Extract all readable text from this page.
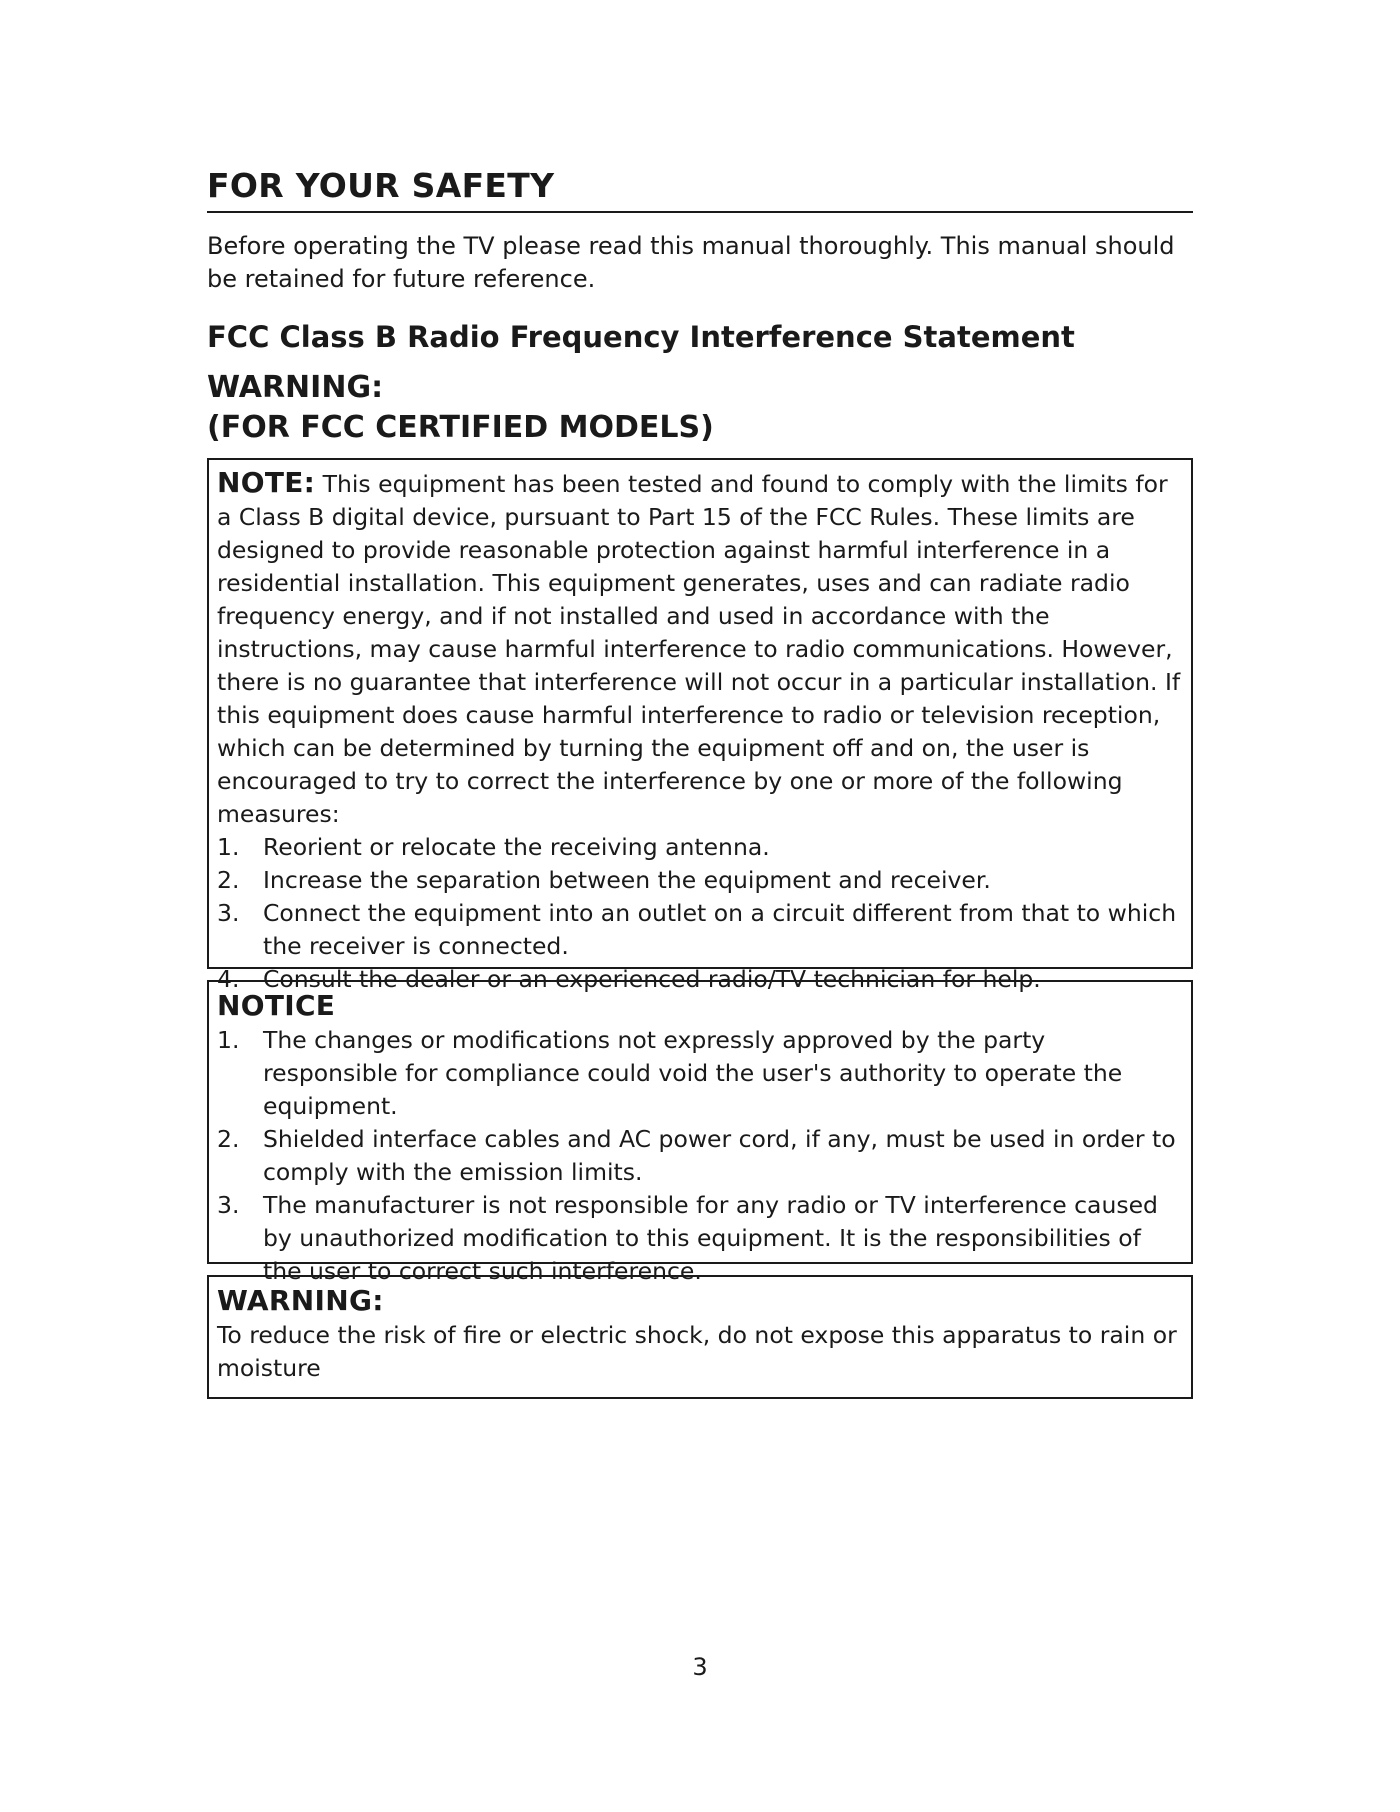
FOR YOUR SAFETY

Before operating the TV please read this manual thoroughly. This manual should be retained for future reference.

FCC Class B Radio Frequency Interference Statement
WARNING:
(FOR FCC CERTIFIED MODELS)

NOTE: This equipment has been tested and found to comply with the limits for a Class B digital device, pursuant to Part 15 of the FCC Rules. These limits are designed to provide reasonable protection against harmful interference in a residential installation. This equipment generates, uses and can radiate radio frequency energy, and if not installed and used in accordance with the instructions, may cause harmful interference to radio communications. However, there is no guarantee that interference will not occur in a particular installation. If this equipment does cause harmful interference to radio or television reception, which can be determined by turning the equipment off and on, the user is encouraged to try to correct the interference by one or more of the following measures:

1. Reorient or relocate the receiving antenna.
2. Increase the separation between the equipment and receiver.
3. Connect the equipment into an outlet on a circuit different from that to which the receiver is connected.
4. Consult the dealer or an experienced radio/TV technician for help.

NOTICE

1. The changes or modifications not expressly approved by the party responsible for compliance could void the user's authority to operate the equipment.
2. Shielded interface cables and AC power cord, if any, must be used in order to comply with the emission limits.
3. The manufacturer is not responsible for any radio or TV interference caused by unauthorized modification to this equipment. It is the responsibilities of the user to correct such interference.

WARNING:

To reduce the risk of fire or electric shock, do not expose this apparatus to rain or moisture

3
